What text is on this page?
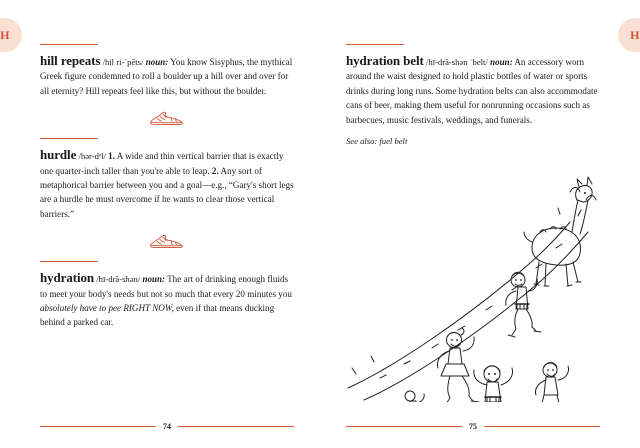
H
hill repeats /hil ri-ˈpēts/ noun: You know Sisyphus, the mythical Greek figure condemned to roll a boulder up a hill over and over for all eternity? Hill repeats feel like this, but without the boulder.
hurdle /hər-dᵊl/ 1. A wide and thin vertical barrier that is exactly one quarter-inch taller than you're able to leap. 2. Any sort of metaphorical barrier between you and a goal—e.g., “Gary's short legs are a hurdle he must overcome if he wants to clear those vertical barriers.”
hydration /hī-drā-shən/ noun: The art of drinking enough fluids to meet your body's needs but not so much that every 20 minutes you absolutely have to pee RIGHT NOW, even if that means ducking behind a parked car.
74
H
hydration belt /hī-drā-shən ˈbelt/ noun: An accessory worn around the waist designed to hold plastic bottles of water or sports drinks during long runs. Some hydration belts can also accommodate cans of beer, making them useful for nonrunning occasions such as barbecues, music festivals, weddings, and funerals.
See also: fuel belt
75
